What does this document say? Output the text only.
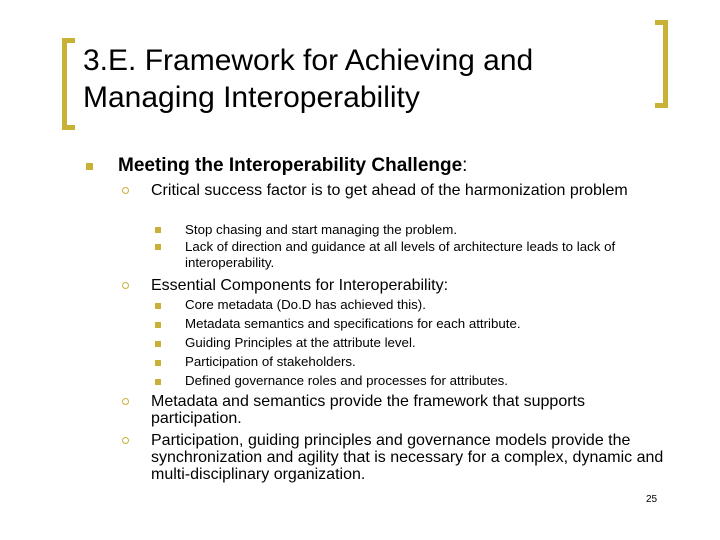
3.E. Framework for Achieving and
Managing Interoperability
Meeting the Interoperability Challenge:
Critical success factor is to get ahead of the harmonization problem
Stop chasing and start managing the problem.
Lack of direction and guidance at all levels of architecture leads to lack of interoperability.
Essential Components for Interoperability:
Core metadata (Do.D has achieved this).
Metadata semantics and specifications for each attribute.
Guiding Principles at the attribute level.
Participation of stakeholders.
Defined governance roles and processes for attributes.
Metadata and semantics provide the framework that supports participation.
Participation, guiding principles and governance models provide the synchronization and agility that is necessary for a complex, dynamic and multi-disciplinary organization.
25
